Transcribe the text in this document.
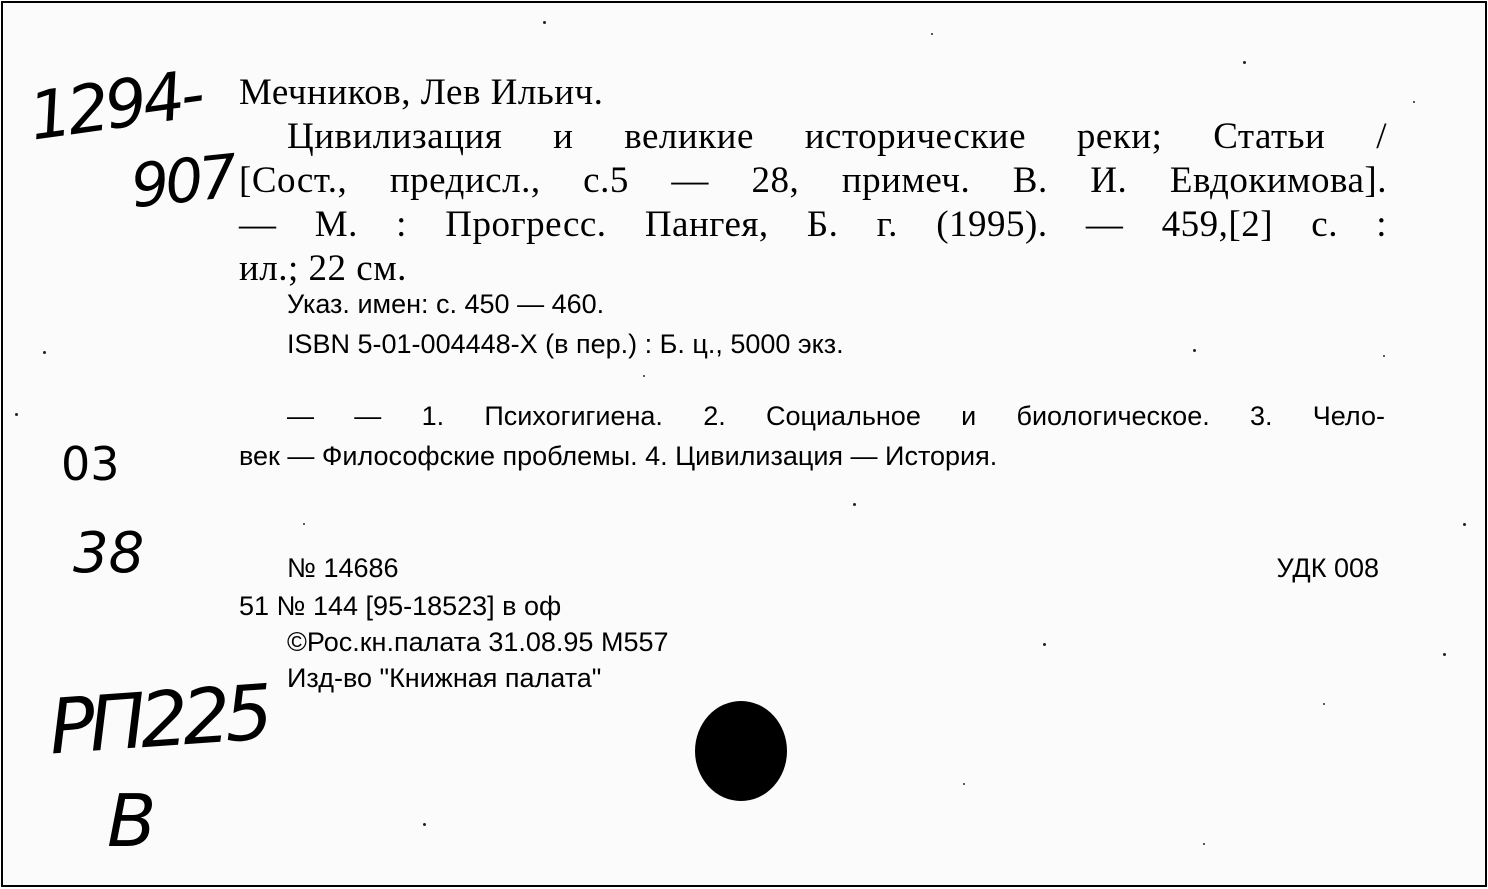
1294-
907
03
38
РП225
В
Мечников, Лев Ильич.
Цивилизация и великие исторические реки; Статьи /
[Сост., предисл., с.5 — 28, примеч. В. И. Евдокимова].
— М. : Прогресс. Пангея, Б. г. (1995). — 459,[2] с. :
ил.; 22 см.
Указ. имен: с. 450 — 460.
ISBN 5-01-004448-X (в пер.) : Б. ц., 5000 экз.
— — 1. Психогигиена. 2. Социальное и биологическое. 3. Чело-
век — Философские проблемы. 4. Цивилизация — История.
№ 14686
51 № 144 [95-18523] в оф
©Рос.кн.палата 31.08.95 М557
Изд-во "Книжная палата"
УДК 008
